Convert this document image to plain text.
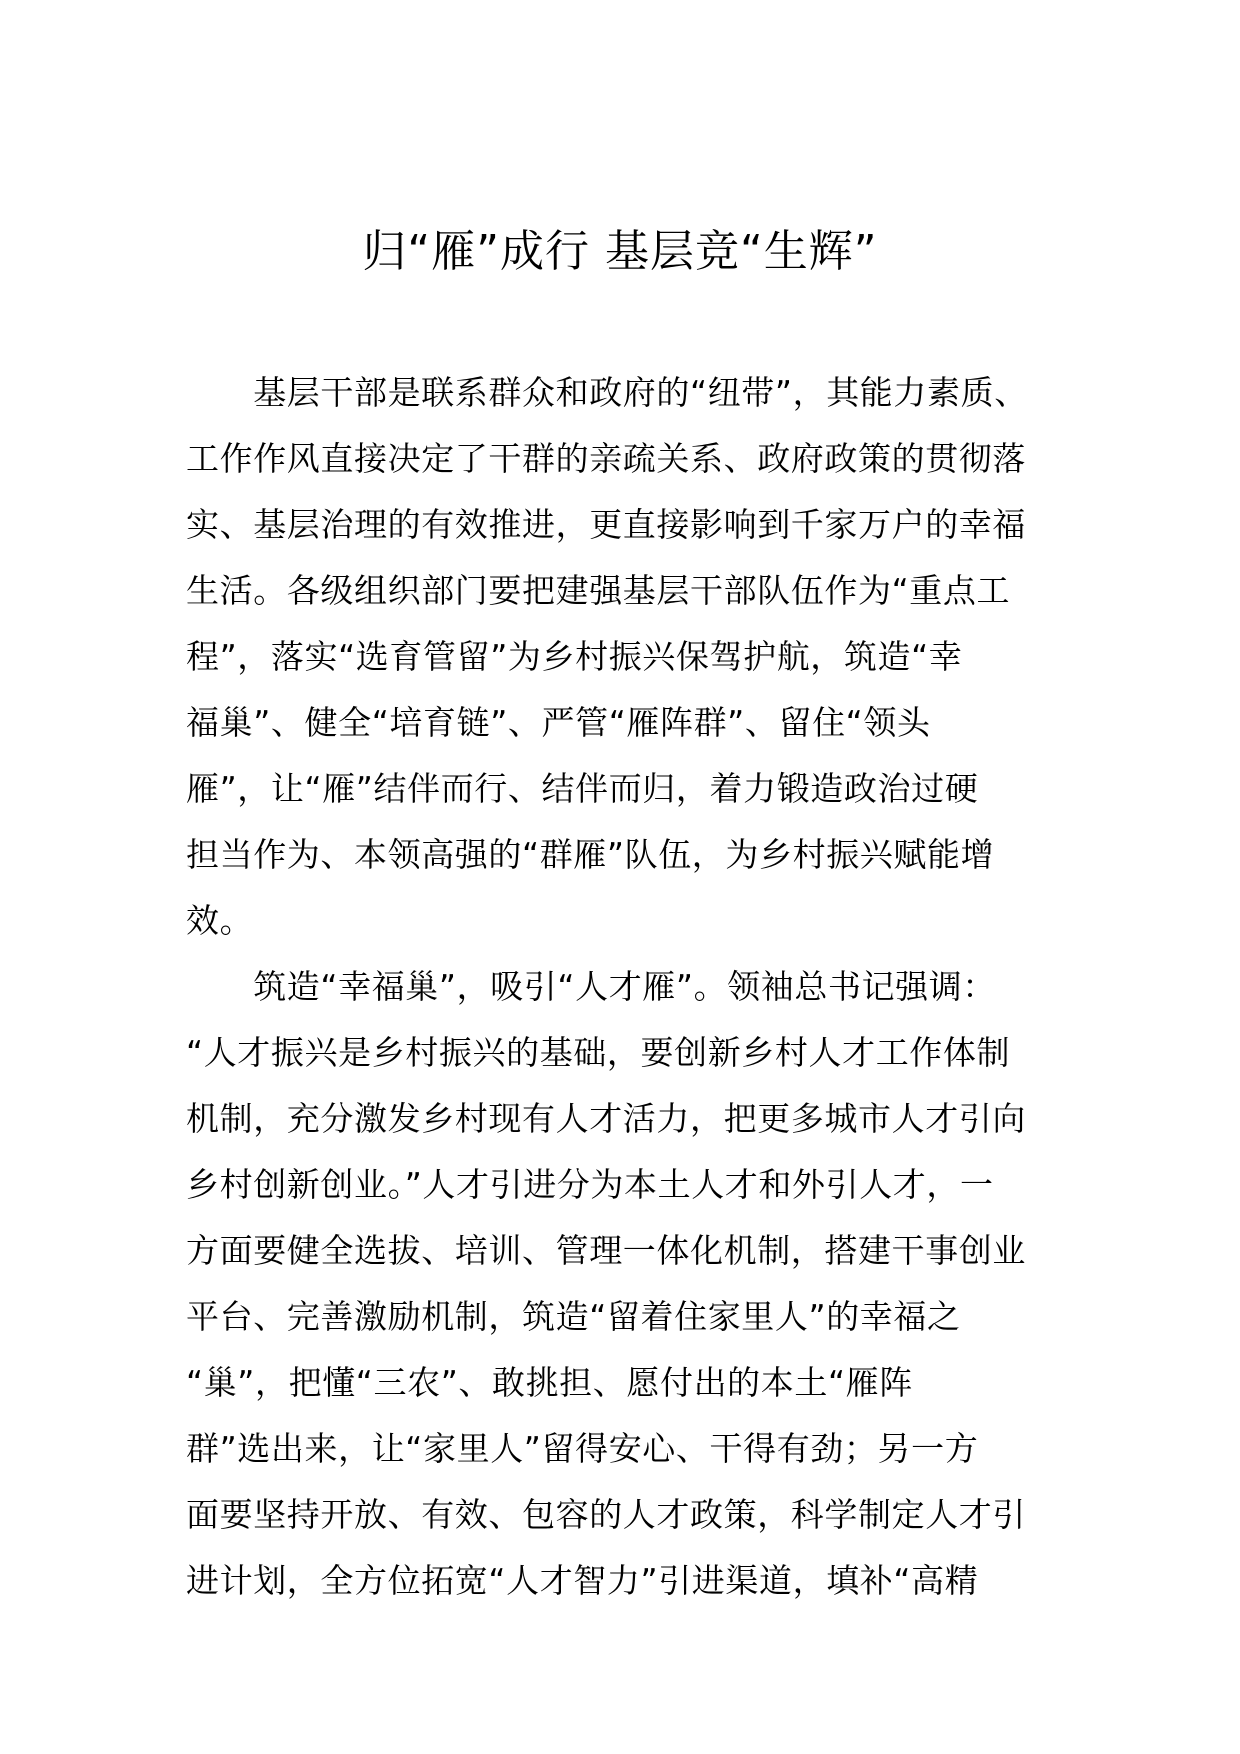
归“雁”成行 基层竞“生辉”
　　基层干部是联系群众和政府的“纽带”，其能力素质、
工作作风直接决定了干群的亲疏关系、政府政策的贯彻落
实、基层治理的有效推进，更直接影响到千家万户的幸福
生活。各级组织部门要把建强基层干部队伍作为“重点工
程”，落实“选育管留”为乡村振兴保驾护航，筑造“幸
福巢”、健全“培育链”、严管“雁阵群”、留住“领头
雁”，让“雁”结伴而行、结伴而归，着力锻造政治过硬
担当作为、本领高强的“群雁”队伍，为乡村振兴赋能增
效。
　　筑造“幸福巢”，吸引“人才雁”。领袖总书记强调：
“人才振兴是乡村振兴的基础，要创新乡村人才工作体制
机制，充分激发乡村现有人才活力，把更多城市人才引向
乡村创新创业。”人才引进分为本土人才和外引人才，一
方面要健全选拔、培训、管理一体化机制，搭建干事创业
平台、完善激励机制，筑造“留着住家里人”的幸福之
“巢”，把懂“三农”、敢挑担、愿付出的本土“雁阵
群”选出来，让“家里人”留得安心、干得有劲；另一方
面要坚持开放、有效、包容的人才政策，科学制定人才引
进计划，全方位拓宽“人才智力”引进渠道，填补“高精
